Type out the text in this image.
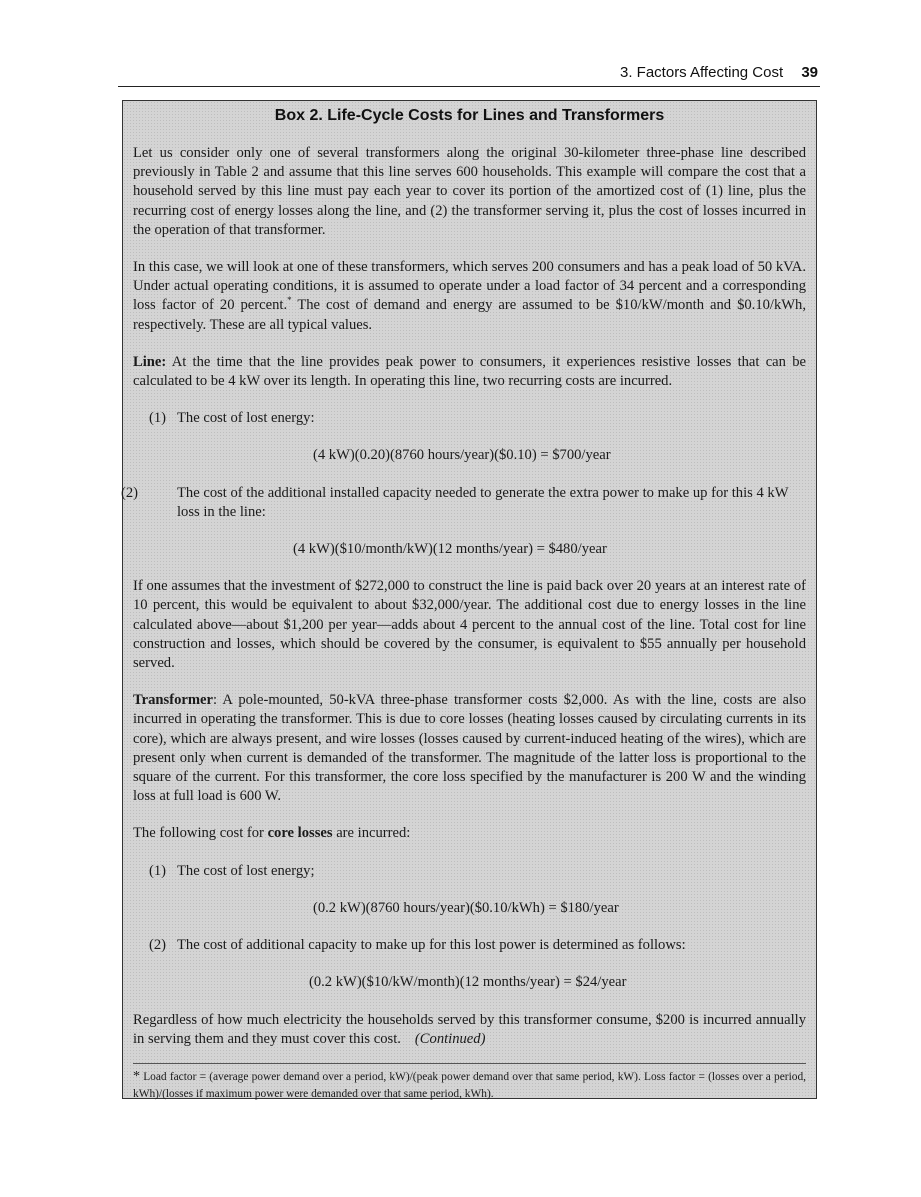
3. Factors Affecting Cost 39
Box 2. Life-Cycle Costs for Lines and Transformers

Let us consider only one of several transformers along the original 30-kilometer three-phase line described previously in Table 2 and assume that this line serves 600 households. This example will compare the cost that a household served by this line must pay each year to cover its portion of the amortized cost of (1) line, plus the recurring cost of energy losses along the line, and (2) the transformer serving it, plus the cost of losses incurred in the operation of that transformer.

In this case, we will look at one of these transformers, which serves 200 consumers and has a peak load of 50 kVA. Under actual operating conditions, it is assumed to operate under a load factor of 34 percent and a corresponding loss factor of 20 percent.* The cost of demand and energy are assumed to be $10/kW/month and $0.10/kWh, respectively. These are all typical values.

Line: At the time that the line provides peak power to consumers, it experiences resistive losses that can be calculated to be 4 kW over its length. In operating this line, two recurring costs are incurred.

(1) The cost of lost energy:
(4 kW)(0.20)(8760 hours/year)($0.10) = $700/year
(2)	The cost of the additional installed capacity needed to generate the extra power to make up for this 4 kW loss in the line:
(4 kW)($10/month/kW)(12 months/year) = $480/year

If one assumes that the investment of $272,000 to construct the line is paid back over 20 years at an interest rate of 10 percent, this would be equivalent to about $32,000/year. The additional cost due to energy losses in the line calculated above—about $1,200 per year—adds about 4 percent to the annual cost of the line. Total cost for line construction and losses, which should be covered by the consumer, is equivalent to $55 annually per household served.

Transformer: A pole-mounted, 50-kVA three-phase transformer costs $2,000. As with the line, costs are also incurred in operating the transformer. This is due to core losses (heating losses caused by circulating currents in its core), which are always present, and wire losses (losses caused by current-induced heating of the wires), which are present only when current is demanded of the transformer. The magnitude of the latter loss is proportional to the square of the current. For this transformer, the core loss specified by the manufacturer is 200 W and the winding loss at full load is 600 W.

The following cost for core losses are incurred:

(1) The cost of lost energy;
(0.2 kW)(8760 hours/year)($0.10/kWh) = $180/year
(2) The cost of additional capacity to make up for this lost power is determined as follows:
(0.2 kW)($10/kW/month)(12 months/year) = $24/year

Regardless of how much electricity the households served by this transformer consume, $200 is incurred annually in serving them and they must cover this cost. (Continued)

* Load factor = (average power demand over a period, kW)/(peak power demand over that same period, kW). Loss factor = (losses over a period, kWh)/(losses if maximum power were demanded over that same period, kWh).
